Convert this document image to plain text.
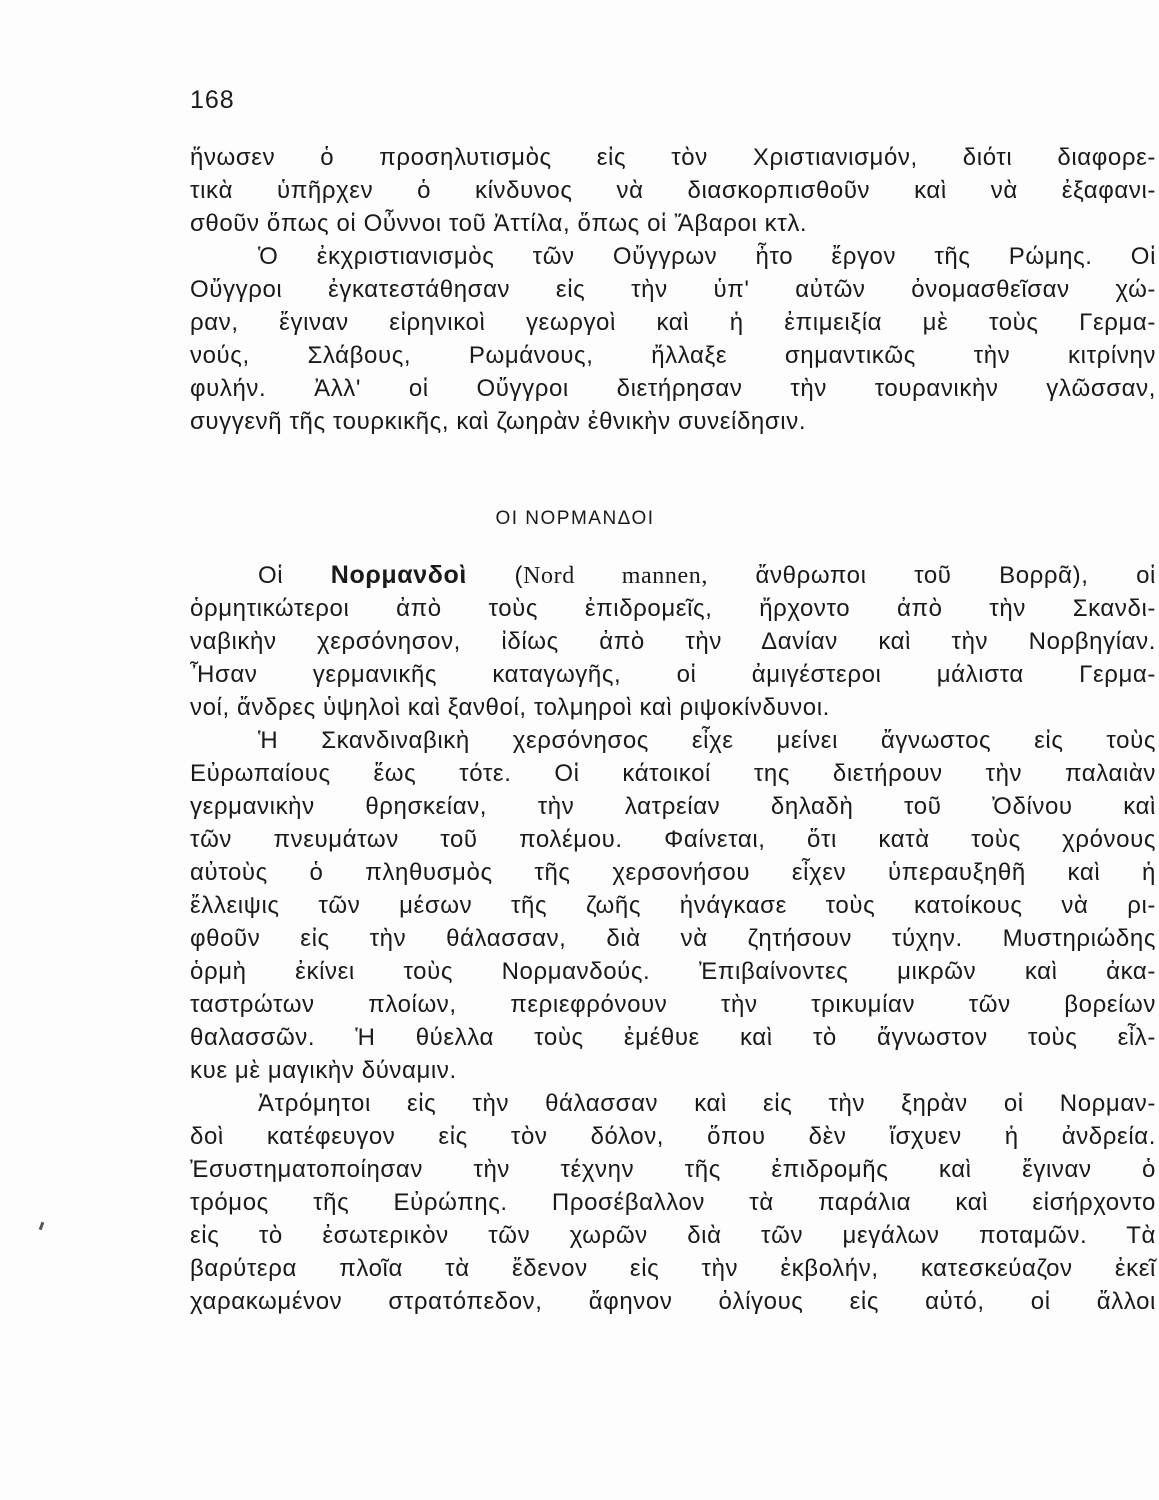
168
ἥνωσεν ὁ προσηλυτισμὸς εἰς τὸν Χριστιανισμόν, διότι διαφορε-
τικὰ ὑπῆρχεν ὁ κίνδυνος νὰ διασκορπισθοῦν καὶ νὰ ἐξαφανι-
σθοῦν ὅπως οἱ Οὖννοι τοῦ Ἀττίλα, ὅπως οἱ Ἄβαροι κτλ.
Ὁ ἐκχριστιανισμὸς τῶν Οὔγγρων ἦτο ἔργον τῆς Ρώμης. Οἱ
Οὔγγροι ἐγκατεστάθησαν εἰς τὴν ὑπ' αὐτῶν ὀνομασθεῖσαν χώ-
ραν, ἔγιναν εἰρηνικοὶ γεωργοὶ καὶ ἡ ἐπιμειξία μὲ τοὺς Γερμα-
νούς, Σλάβους, Ρωμάνους, ἤλλαξε σημαντικῶς τὴν κιτρίνην
φυλήν. Ἀλλ' οἱ Οὔγγροι διετήρησαν τὴν τουρανικὴν γλῶσσαν,
συγγενῆ τῆς τουρκικῆς, καὶ ζωηρὰν ἐθνικὴν συνείδησιν.
ΟΙ ΝΟΡΜΑΝΔΟΙ
Οἱ Νορμανδοὶ (Nord mannen, ἄνθρωποι τοῦ Βορρᾶ), οἱ
ὁρμητικώτεροι ἀπὸ τοὺς ἐπιδρομεῖς, ἤρχοντο ἀπὸ τὴν Σκανδι-
ναβικὴν χερσόνησον, ἰδίως ἀπὸ τὴν Δανίαν καὶ τὴν Νορβηγίαν.
Ἦσαν γερμανικῆς καταγωγῆς, οἱ ἀμιγέστεροι μάλιστα Γερμα-
νοί, ἄνδρες ὑψηλοὶ καὶ ξανθοί, τολμηροὶ καὶ ριψοκίνδυνοι.
Ἡ Σκανδιναβικὴ χερσόνησος εἶχε μείνει ἄγνωστος εἰς τοὺς
Εὐρωπαίους ἕως τότε. Οἱ κάτοικοί της διετήρουν τὴν παλαιὰν
γερμανικὴν θρησκείαν, τὴν λατρείαν δηλαδὴ τοῦ Ὀδίνου καὶ
τῶν πνευμάτων τοῦ πολέμου. Φαίνεται, ὅτι κατὰ τοὺς χρόνους
αὐτοὺς ὁ πληθυσμὸς τῆς χερσονήσου εἶχεν ὑπεραυξηθῆ καὶ ἡ
ἔλλειψις τῶν μέσων τῆς ζωῆς ἠνάγκασε τοὺς κατοίκους νὰ ρι-
φθοῦν εἰς τὴν θάλασσαν, διὰ νὰ ζητήσουν τύχην. Μυστηριώδης
ὁρμὴ ἐκίνει τοὺς Νορμανδούς. Ἐπιβαίνοντες μικρῶν καὶ ἀκα-
ταστρώτων πλοίων, περιεφρόνουν τὴν τρικυμίαν τῶν βορείων
θαλασσῶν. Ἡ θύελλα τοὺς ἐμέθυε καὶ τὸ ἄγνωστον τοὺς εἶλ-
κυε μὲ μαγικὴν δύναμιν.
Ἀτρόμητοι εἰς τὴν θάλασσαν καὶ εἰς τὴν ξηρὰν οἱ Νορμαν-
δοὶ κατέφευγον εἰς τὸν δόλον, ὅπου δὲν ἴσχυεν ἡ ἀνδρεία.
Ἐσυστηματοποίησαν τὴν τέχνην τῆς ἐπιδρομῆς καὶ ἔγιναν ὁ
τρόμος τῆς Εὐρώπης. Προσέβαλλον τὰ παράλια καὶ εἰσήρχοντο
εἰς τὸ ἐσωτερικὸν τῶν χωρῶν διὰ τῶν μεγάλων ποταμῶν. Τὰ
βαρύτερα πλοῖα τὰ ἔδενον εἰς τὴν ἐκβολήν, κατεσκεύαζον ἐκεῖ
χαρακωμένον στρατόπεδον, ἄφηνον ὀλίγους εἰς αὐτό, οἱ ἄλλοι
